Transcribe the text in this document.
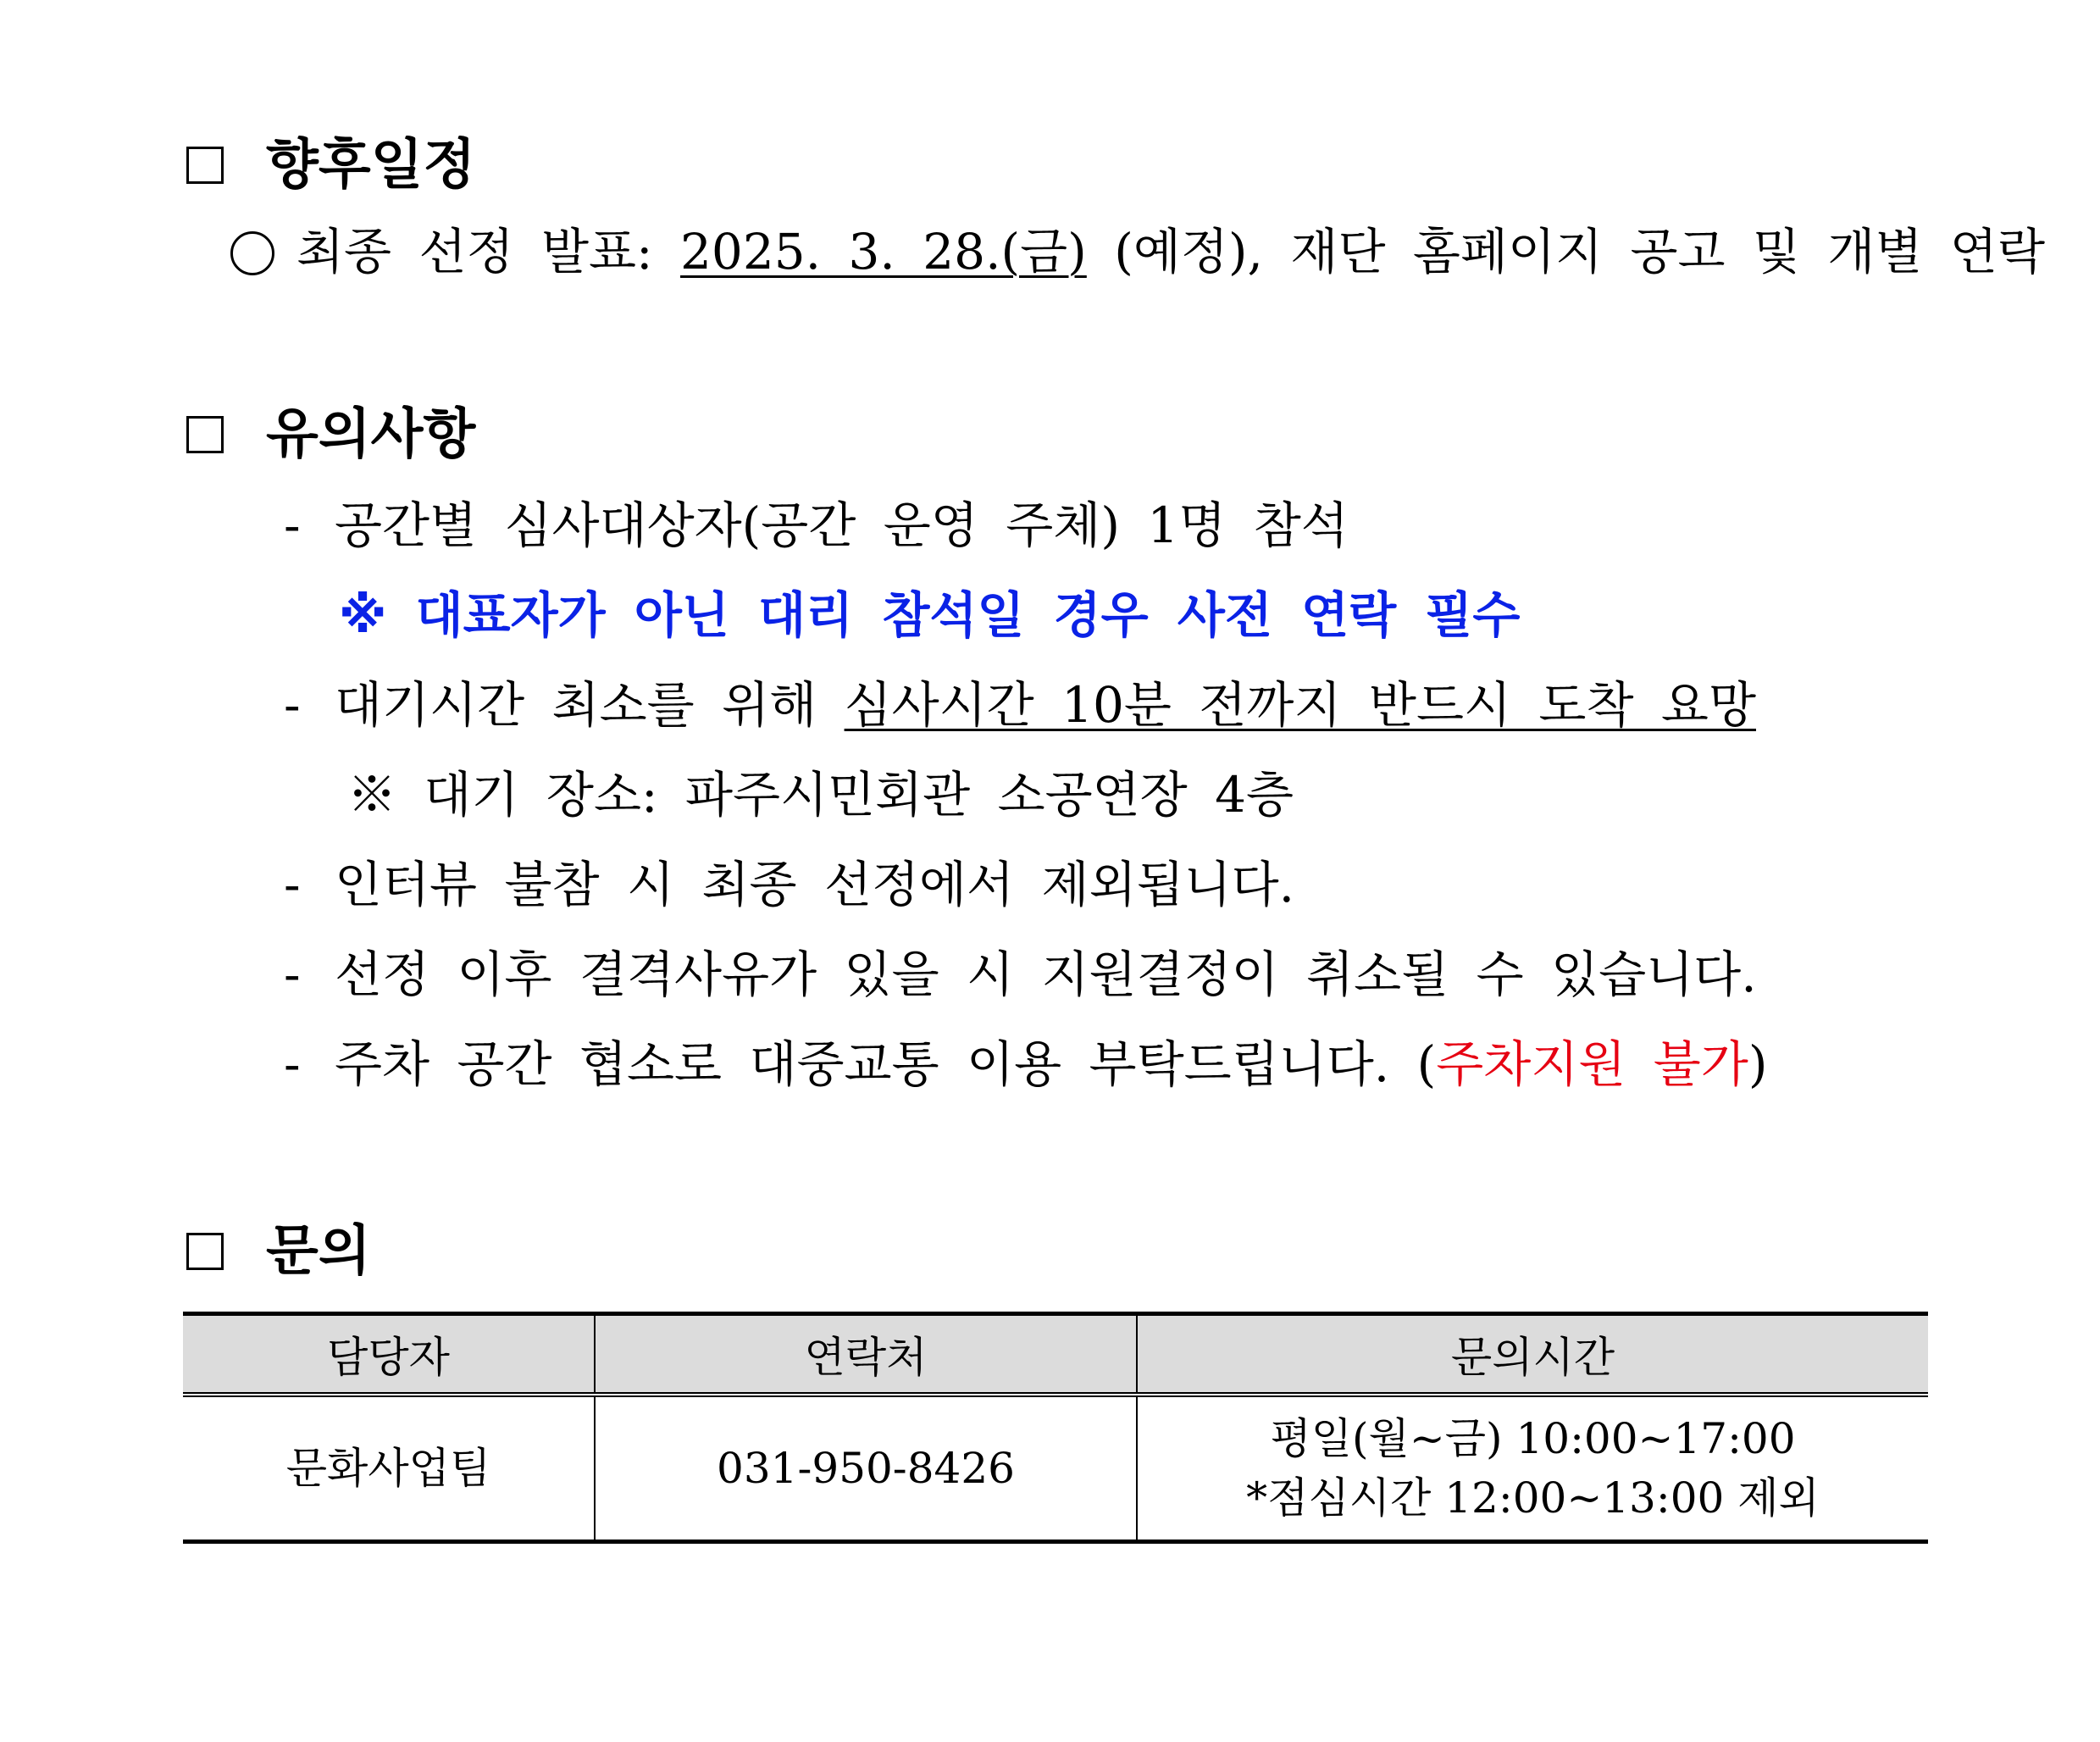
향후일정
최종 선정 발표: 2025. 3. 28.(금) (예정), 재단 홈페이지 공고 및 개별 연락
유의사항
- 공간별 심사대상자(공간 운영 주체) 1명 참석
※ 대표자가 아닌 대리 참석일 경우 사전 연락 필수
- 대기시간 최소를 위해 심사시간 10분 전까지 반드시 도착 요망
※ 대기 장소: 파주시민회관 소공연장 4층
- 인터뷰 불참 시 최종 선정에서 제외됩니다.
- 선정 이후 결격사유가 있을 시 지원결정이 취소될 수 있습니다.
- 주차 공간 협소로 대중교통 이용 부탁드립니다. (주차지원 불가)
문의
담당자	연락처	문의시간
문화사업팀	031-950-8426	평일(월~금) 10:00~17:00
*점심시간 12:00~13:00 제외
